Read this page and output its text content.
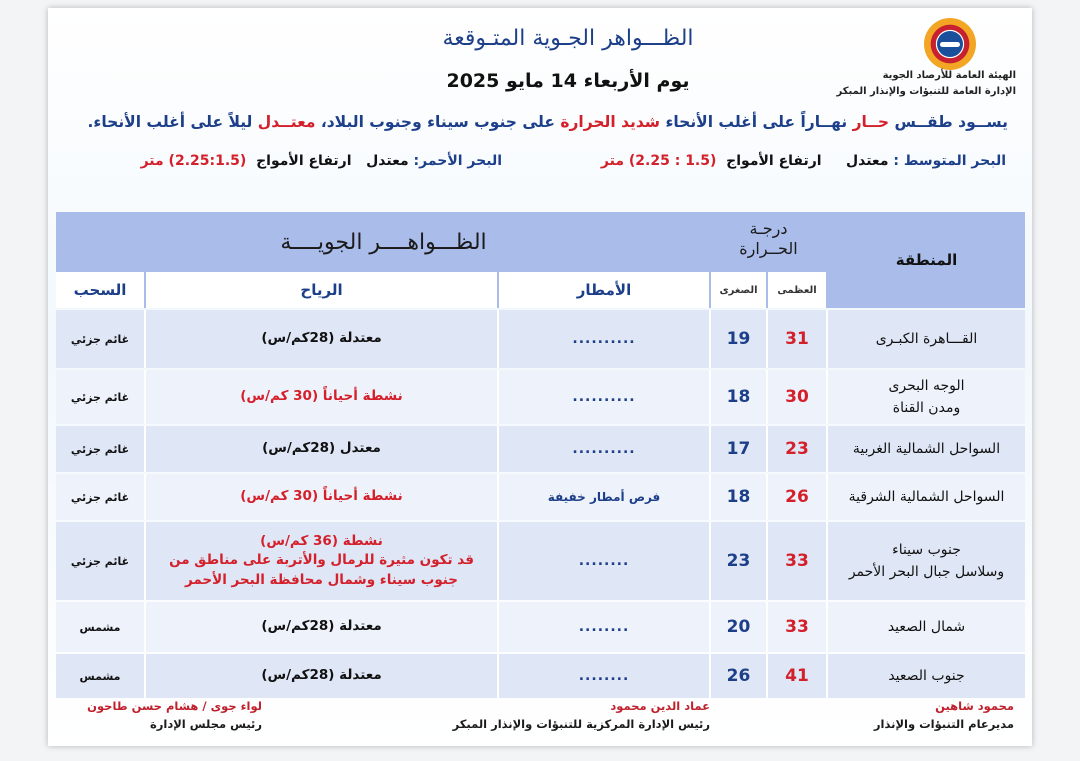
الهيئة العامة للأرصاد الجوية
الإدارة العامة للتنبؤات والإنذار المبكر
الظـــواهر الجـوية المتـوقعة
يوم الأربعاء 14 مايو 2025
يســود طقــس حــار نهــاراً على أغلب الأنحاء شديد الحرارة على جنوب سيناء وجنوب البلاد، معتــدل ليلاً على أغلب الأنحاء.
البحر المتوسط : معتدل     ارتفاع الأمواج  (1.5 : 2.25) متر
البحر الأحمر: معتدل   ارتفاع الأمواج  (2.25:1.5) متر
المنطقة
درجـة
الحــرارة
الظـــواهــــر الجويــــة
العظمى
الصغرى
الأمطار
الرياح
السحب
القـــاهرة الكبـرى
31
19
..........
معتدلة (28كم/س)
غائم جزئي
الوجه البحرى
ومدن القناة
30
18
..........
نشطة أحياناً (30 كم/س)
غائم جزئي
السواحل الشمالية الغربية
23
17
..........
معتدل (28كم/س)
غائم جزئي
السواحل الشمالية الشرقية
26
18
فرص أمطار خفيفة
نشطة أحياناً (30 كم/س)
غائم جزئي
جنوب سيناء
وسلاسل جبال البحر الأحمر
33
23
........
نشطة (36 كم/س)
قد تكون مثيرة للرمال والأتربة على مناطق من
جنوب سيناء وشمال محافظة البحر الأحمر
غائم جزئي
شمال الصعيد
33
20
........
معتدلة (28كم/س)
مشمس
جنوب الصعيد
41
26
........
معتدلة (28كم/س)
مشمس
محمود شاهين
مديرعام التنبؤات والإنذار
عماد الدين محمود
رئيس الإدارة المركزية للتنبؤات والإنذار المبكر
لواء جوى / هشام حسن طاحون
رئيس مجلس الإدارة
